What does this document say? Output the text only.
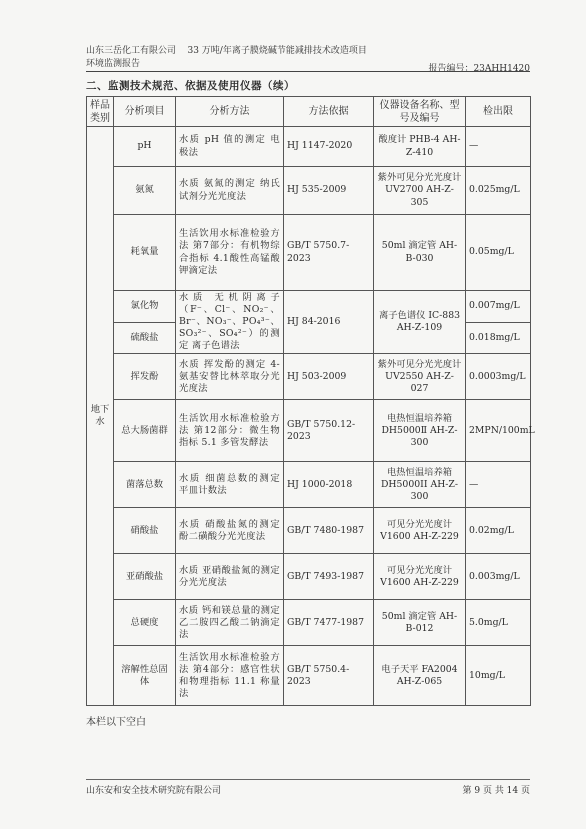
山东三岳化工有限公司 33 万吨/年离子膜烧碱节能减排技术改造项目
环境监测报告	报告编号：23AHH1420
二、监测技术规范、依据及使用仪器（续）
样品类别	分析项目	分析方法	方法依据	仪器设备名称、型号及编号	检出限
地下水	pH	水质 pH 值的测定 电极法	HJ 1147-2020	酸度计 PHB-4 AH-Z-410	—
	氨氮	水质 氨氮的测定 纳氏试剂分光光度法	HJ 535-2009	紫外可见分光光度计 UV2700 AH-Z-305	0.025mg/L
	耗氧量	生活饮用水标准检验方法 第7部分：有机物综合指标 4.1酸性高锰酸钾滴定法	GB/T 5750.7-2023	50ml 滴定管 AH-B-030	0.05mg/L
	氯化物	水质 无机阴离子（F⁻、Cl⁻、NO₂⁻、Br⁻、NO₃⁻、PO₄³⁻、SO₃²⁻、SO₄²⁻）的测定 离子色谱法	HJ 84-2016	离子色谱仪 IC-883 AH-Z-109	0.007mg/L
	硫酸盐				0.018mg/L
	挥发酚	水质 挥发酚的测定 4-氨基安替比林萃取分光光度法	HJ 503-2009	紫外可见分光光度计 UV2550 AH-Z-027	0.0003mg/L
	总大肠菌群	生活饮用水标准检验方法 第12部分：微生物指标 5.1 多管发酵法	GB/T 5750.12-2023	电热恒温培养箱 DH5000Ⅱ AH-Z-300	2MPN/100mL
	菌落总数	水质 细菌总数的测定 平皿计数法	HJ 1000-2018	电热恒温培养箱 DH5000II AH-Z-300	—
	硝酸盐	水质 硝酸盐氮的测定 酚二磺酸分光光度法	GB/T 7480-1987	可见分光光度计 V1600 AH-Z-229	0.02mg/L
	亚硝酸盐	水质 亚硝酸盐氮的测定 分光光度法	GB/T 7493-1987	可见分光光度计 V1600 AH-Z-229	0.003mg/L
	总硬度	水质 钙和镁总量的测定 乙二胺四乙酸二钠滴定法	GB/T 7477-1987	50ml 滴定管 AH-B-012	5.0mg/L
	溶解性总固体	生活饮用水标准检验方法 第4部分：感官性状和物理指标 11.1 称量法	GB/T 5750.4-2023	电子天平 FA2004 AH-Z-065	10mg/L
本栏以下空白
山东安和安全技术研究院有限公司	第 9 页 共 14 页
